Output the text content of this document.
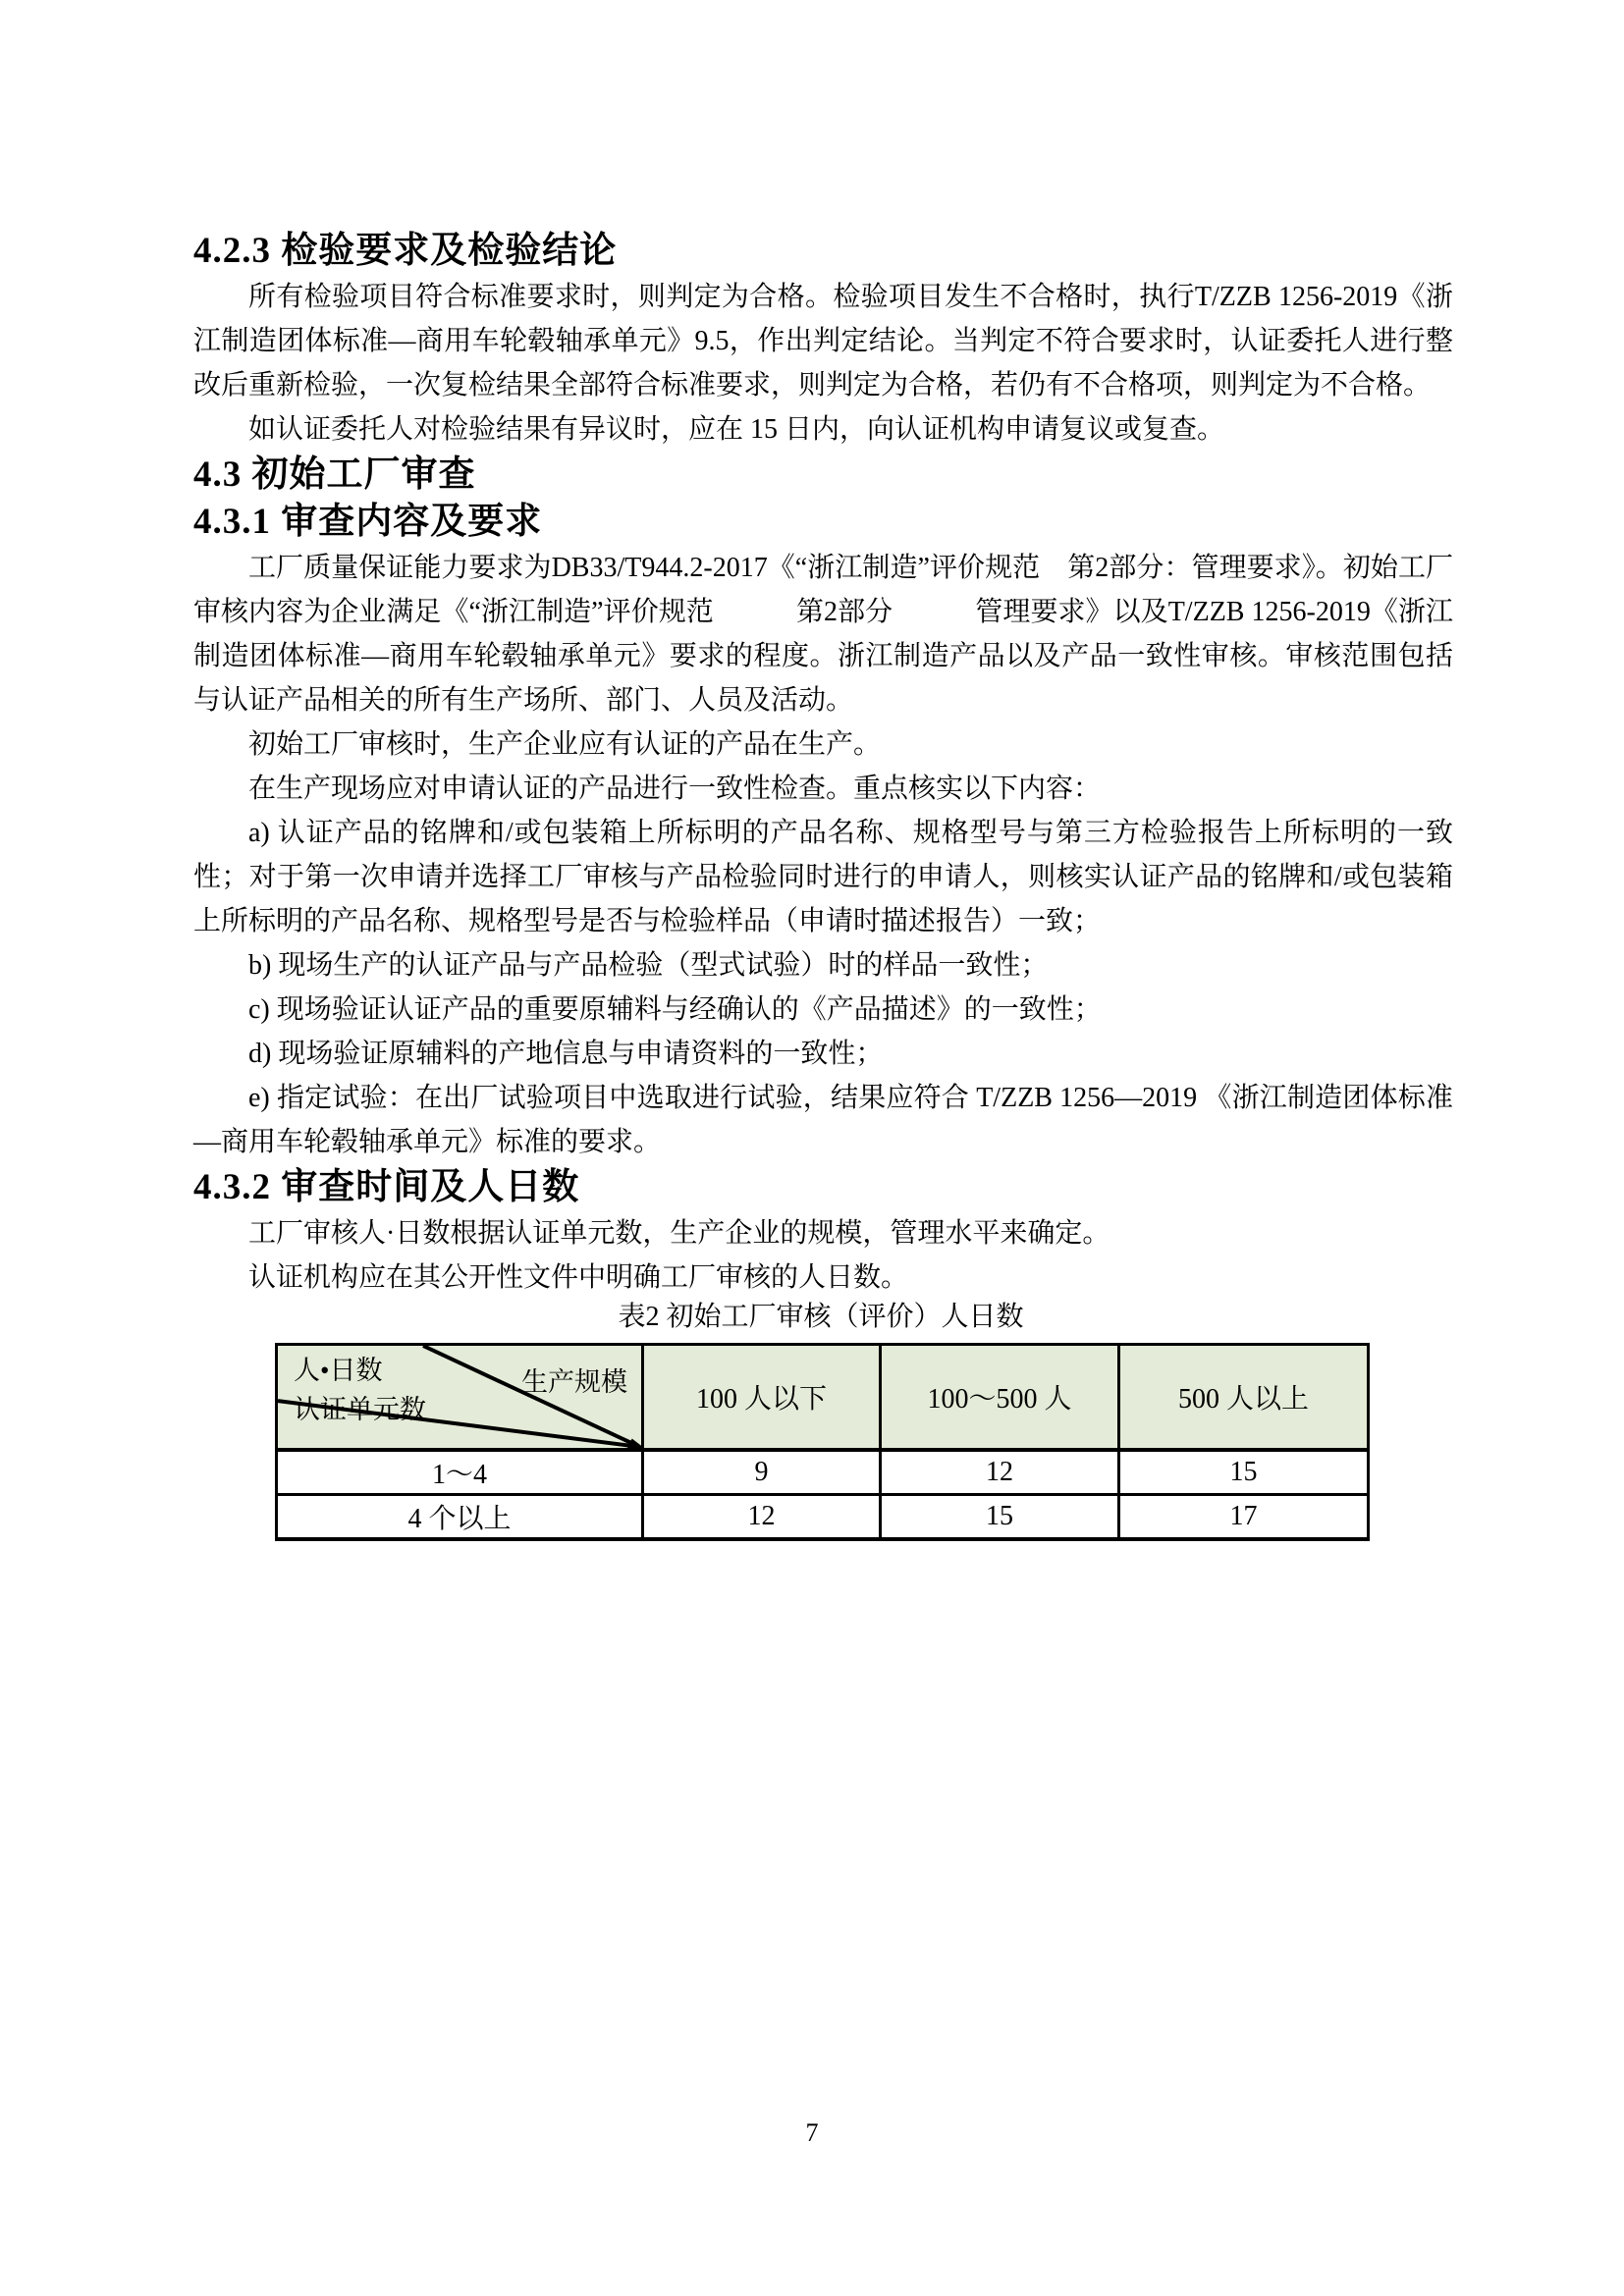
4.2.3 检验要求及检验结论

所有检验项目符合标准要求时，则判定为合格。检验项目发生不合格时，执行T/ZZB 1256-2019《浙江制造团体标准—商用车轮毂轴承单元》9.5，作出判定结论。当判定不符合要求时，认证委托人进行整改后重新检验，一次复检结果全部符合标准要求，则判定为合格，若仍有不合格项，则判定为不合格。

如认证委托人对检验结果有异议时，应在 15 日内，向认证机构申请复议或复查。

4.3 初始工厂审查
4.3.1 审查内容及要求

工厂质量保证能力要求为DB33/T944.2-2017《“浙江制造”评价规范　第2部分：管理要求》。初始工厂审核内容为企业满足《“浙江制造”评价规范　　　第2部分　　　管理要求》以及T/ZZB 1256-2019《浙江制造团体标准—商用车轮毂轴承单元》要求的程度。浙江制造产品以及产品一致性审核。审核范围包括与认证产品相关的所有生产场所、部门、人员及活动。

初始工厂审核时，生产企业应有认证的产品在生产。

在生产现场应对申请认证的产品进行一致性检查。重点核实以下内容：

a) 认证产品的铭牌和/或包装箱上所标明的产品名称、规格型号与第三方检验报告上所标明的一致性；对于第一次申请并选择工厂审核与产品检验同时进行的申请人，则核实认证产品的铭牌和/或包装箱上所标明的产品名称、规格型号是否与检验样品（申请时描述报告）一致；

b) 现场生产的认证产品与产品检验（型式试验）时的样品一致性；

c) 现场验证认证产品的重要原辅料与经确认的《产品描述》的一致性；

d) 现场验证原辅料的产地信息与申请资料的一致性；

e) 指定试验：在出厂试验项目中选取进行试验，结果应符合 T/ZZB 1256—2019 《浙江制造团体标准—商用车轮毂轴承单元》标准的要求。

4.3.2 审查时间及人日数

工厂审核人·日数根据认证单元数，生产企业的规模，管理水平来确定。

认证机构应在其公开性文件中明确工厂审核的人日数。

表2 初始工厂审核（评价）人日数
人•日数 生产规模
认证单元数	100 人以下	100～500 人	500 人以上
1～4	9	12	15
4 个以上	12	15	17
7
